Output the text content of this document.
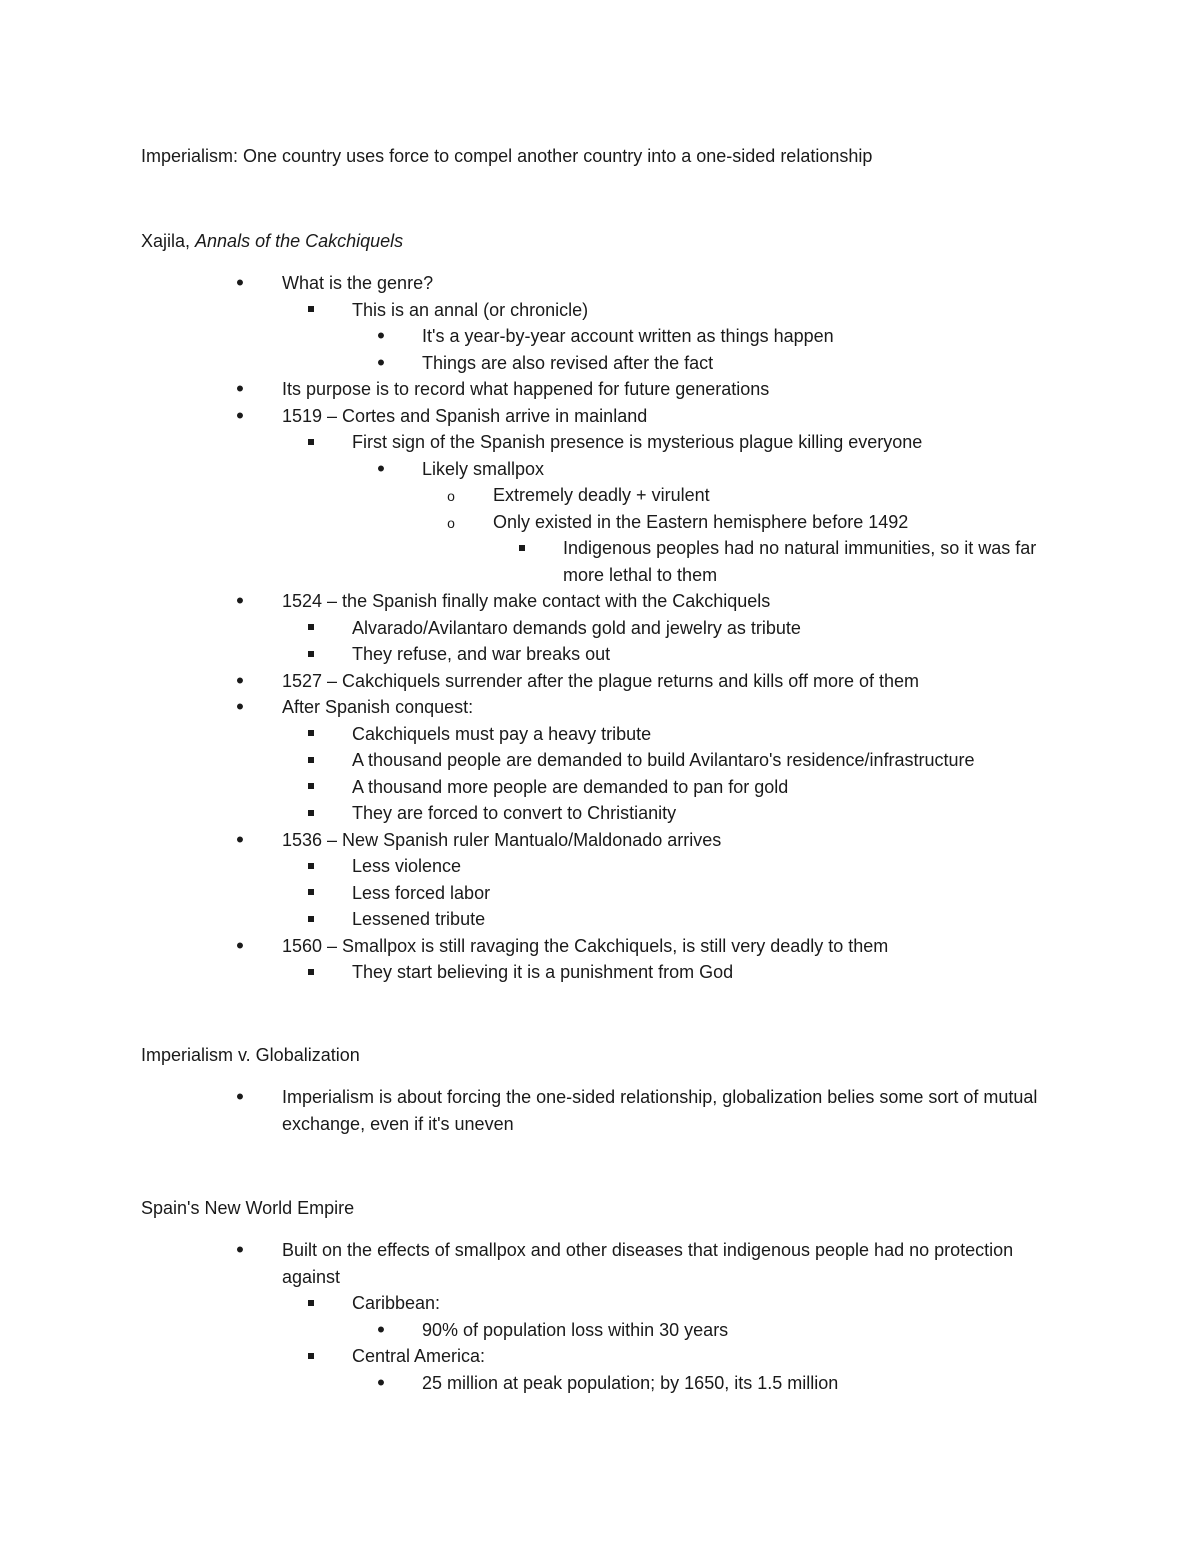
Imperialism: One country uses force to compel another country into a one-sided relationship
Xajila, Annals of the Cakchiquels
•
What is the genre?
This is an annal (or chronicle)
•
It's a year-by-year account written as things happen
•
Things are also revised after the fact
•
Its purpose is to record what happened for future generations
•
1519 – Cortes and Spanish arrive in mainland
First sign of the Spanish presence is mysterious plague killing everyone
•
Likely smallpox
o
Extremely deadly + virulent
o
Only existed in the Eastern hemisphere before 1492
Indigenous peoples had no natural immunities, so it was far more lethal to them
•
1524 – the Spanish finally make contact with the Cakchiquels
Alvarado/Avilantaro demands gold and jewelry as tribute
They refuse, and war breaks out
•
1527 – Cakchiquels surrender after the plague returns and kills off more of them
•
After Spanish conquest:
Cakchiquels must pay a heavy tribute
A thousand people are demanded to build Avilantaro's residence/infrastructure
A thousand more people are demanded to pan for gold
They are forced to convert to Christianity
•
1536 – New Spanish ruler Mantualo/Maldonado arrives
Less violence
Less forced labor
Lessened tribute
•
1560 – Smallpox is still ravaging the Cakchiquels, is still very deadly to them
They start believing it is a punishment from God
Imperialism v. Globalization
•
Imperialism is about forcing the one-sided relationship, globalization belies some sort of mutual exchange, even if it's uneven
Spain's New World Empire
•
Built on the effects of smallpox and other diseases that indigenous people had no protection against
Caribbean:
•
90% of population loss within 30 years
Central America:
•
25 million at peak population; by 1650, its 1.5 million
